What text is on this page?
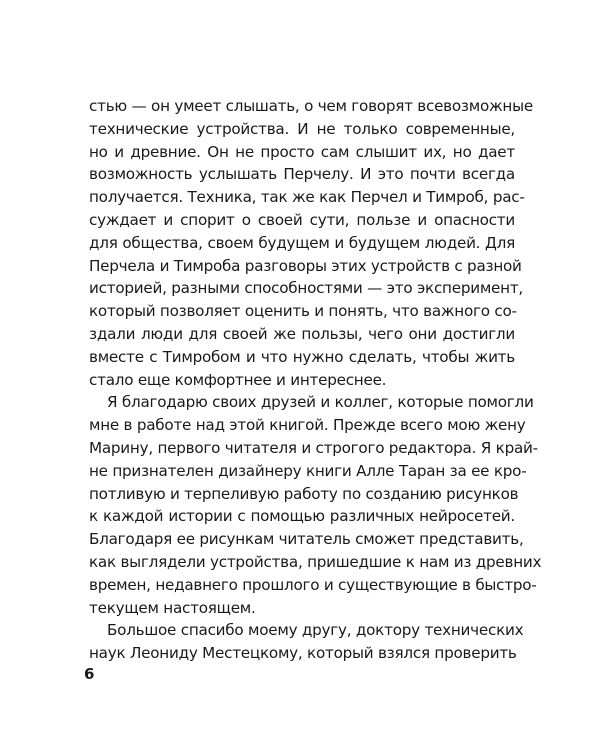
стью — он умеет слышать, о чем говорят всевозможные
технические устройства. И не только современные,
но и древние. Он не просто сам слышит их, но дает
возможность услышать Перчелу. И это почти всегда
получается. Техника, так же как Перчел и Тимроб, рас-
суждает и спорит о своей сути, пользе и опасности
для общества, своем будущем и будущем людей. Для
Перчела и Тимроба разговоры этих устройств с разной
историей, разными способностями — это эксперимент,
который позволяет оценить и понять, что важного со-
здали люди для своей же пользы, чего они достигли
вместе с Тимробом и что нужно сделать, чтобы жить
стало еще комфортнее и интереснее.
Я благодарю своих друзей и коллег, которые помогли
мне в работе над этой книгой. Прежде всего мою жену
Марину, первого читателя и строгого редактора. Я край-
не признателен дизайнеру книги Алле Таран за ее кро-
потливую и терпеливую работу по созданию рисунков
к каждой истории с помощью различных нейросетей.
Благодаря ее рисункам читатель сможет представить,
как выглядели устройства, пришедшие к нам из древних
времен, недавнего прошлого и существующие в быстро-
текущем настоящем.
Большое спасибо моему другу, доктору технических
наук Леониду Местецкому, который взялся проверить
6
